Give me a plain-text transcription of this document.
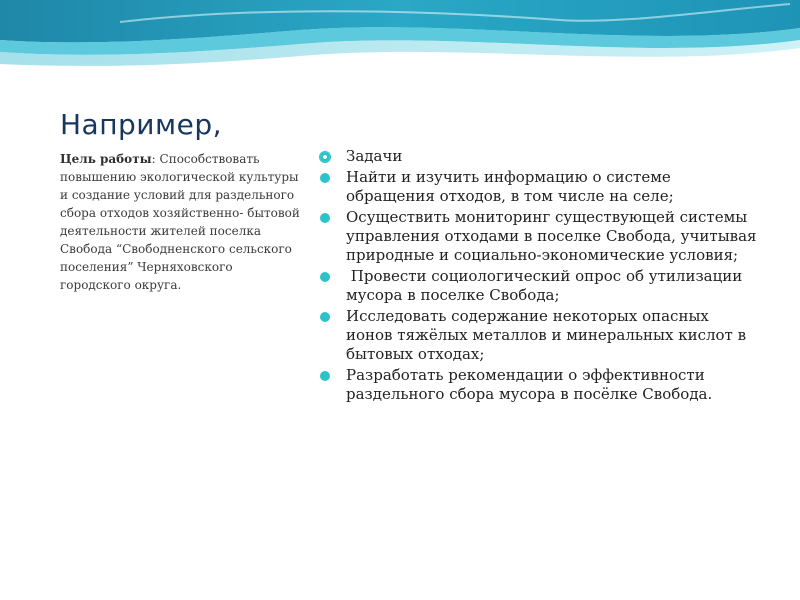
Например,
Цель работы: Способствовать повышению экологической культуры и создание условий для раздельного сбора отходов хозяйственно- бытовой деятельности жителей поселка Свобода “Свободненского сельского поселения” Черняховского городского округа.
Задачи
Найти и изучить информацию о системе обращения отходов, в том числе на селе;
Осуществить мониторинг существующей системы управления отходами в поселке Свобода, учитывая природные и социально-экономические условия;
Провести социологический опрос об утилизации мусора в поселке Свобода;
Исследовать содержание некоторых опасных ионов тяжёлых металлов и минеральных кислот в бытовых отходах;
Разработать рекомендации о эффективности раздельного сбора мусора в посёлке Свобода.
